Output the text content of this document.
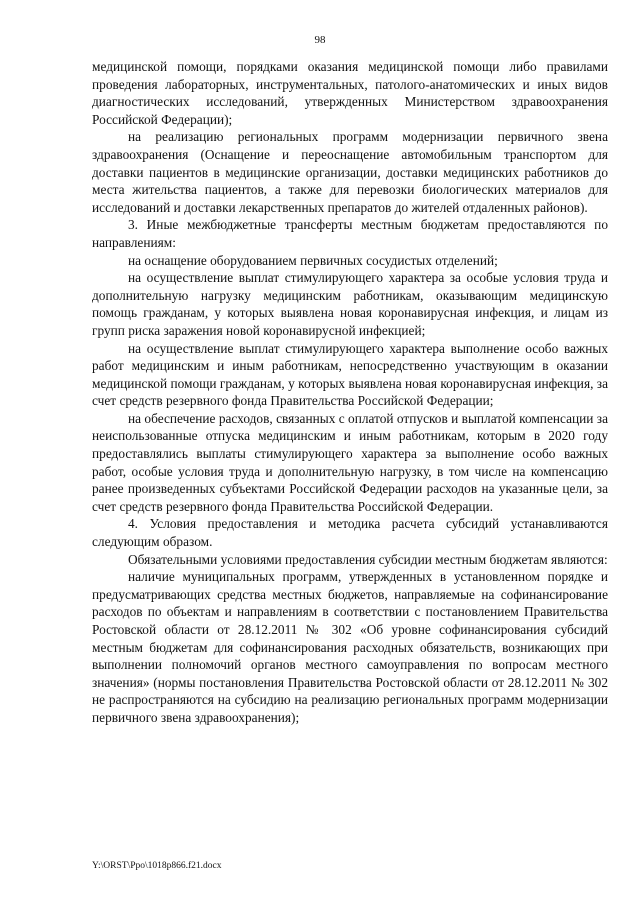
98

медицинской помощи, порядками оказания медицинской помощи либо правилами проведения лабораторных, инструментальных, патолого-анатомических и иных видов диагностических исследований, утвержденных Министерством здравоохранения Российской Федерации);

на реализацию региональных программ модернизации первичного звена здравоохранения (Оснащение и переоснащение автомобильным транспортом для доставки пациентов в медицинские организации, доставки медицинских работников до места жительства пациентов, а также для перевозки биологических материалов для исследований и доставки лекарственных препаратов до жителей отдаленных районов).

3. Иные межбюджетные трансферты местным бюджетам предоставляются по направлениям:

на оснащение оборудованием первичных сосудистых отделений;

на осуществление выплат стимулирующего характера за особые условия труда и дополнительную нагрузку медицинским работникам, оказывающим медицинскую помощь гражданам, у которых выявлена новая коронавирусная инфекция, и лицам из групп риска заражения новой коронавирусной инфекцией;

на осуществление выплат стимулирующего характера выполнение особо важных работ медицинским и иным работникам, непосредственно участвующим в оказании медицинской помощи гражданам, у которых выявлена новая коронавирусная инфекция, за счет средств резервного фонда Правительства Российской Федерации;

на обеспечение расходов, связанных с оплатой отпусков и выплатой компенсации за неиспользованные отпуска медицинским и иным работникам, которым в 2020 году предоставлялись выплаты стимулирующего характера за выполнение особо важных работ, особые условия труда и дополнительную нагрузку, в том числе на компенсацию ранее произведенных субъектами Российской Федерации расходов на указанные цели, за счет средств резервного фонда Правительства Российской Федерации.

4. Условия предоставления и методика расчета субсидий устанавливаются следующим образом.

Обязательными условиями предоставления субсидии местным бюджетам являются:

наличие муниципальных программ, утвержденных в установленном порядке и предусматривающих средства местных бюджетов, направляемые на софинансирование расходов по объектам и направлениям в соответствии с постановлением Правительства Ростовской области от 28.12.2011 № 302 «Об уровне софинансирования субсидий местным бюджетам для софинансирования расходных обязательств, возникающих при выполнении полномочий органов местного самоуправления по вопросам местного значения» (нормы постановления Правительства Ростовской области от 28.12.2011 № 302 не распространяются на субсидию на реализацию региональных программ модернизации первичного звена здравоохранения);

Y:\ORST\Ppo\1018p866.f21.docx
